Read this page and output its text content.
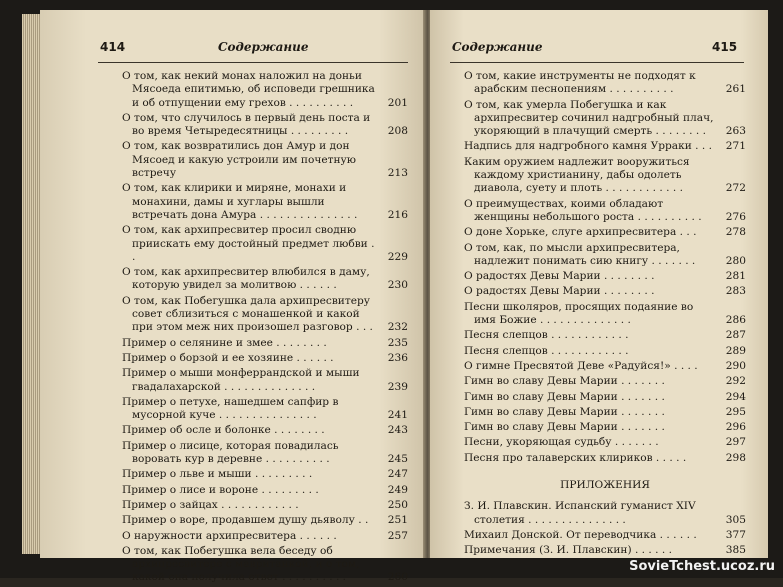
414	Содержание
О том, как некий монах наложил на доньи Мясоеда епитимью, об исповеди грешника и об отпущении ему грехов . . . . . . . . . .	201
О том, что случилось в первый день поста и во время Четыредесятницы . . . . . . . . .	208
О том, как возвратились дон Амур и дон Мясоед и какую устроили им почетную встречу	213
О том, как клирики и миряне, монахи и монахини, дамы и хуглары вышли встречать дона Амура . . . . . . . . . . . . . . .	216
О том, как архипресвитер просил сводню приискать ему достойный предмет любви . .	229
О том, как архипресвитер влюбился в даму, которую увидел за молитвою . . . . . .	230
О том, как Побегушка дала архипресвитеру совет сблизиться с монашенкой и какой при этом меж них произошел разговор . . .	232
Пример о селянине и змее . . . . . . . .	235
Пример о борзой и ее хозяине . . . . . .	236
Пример о мыши монферрандской и мыши гвадалахарской . . . . . . . . . . . . . .	239
Пример о петухе, нашедшем сапфир в мусорной куче . . . . . . . . . . . . . . .	241
Пример об осле и болонке . . . . . . . .	243
Пример о лисице, которая повадилась воровать кур в деревне . . . . . . . . . .	245
Пример о льве и мыши . . . . . . . . .	247
Пример о лисе и вороне . . . . . . . . .	249
Пример о зайцах . . . . . . . . . . . .	250
Пример о воре, продавшем душу дьяволу . .	251
О наружности архипресвитера . . . . . .	257
О том, как Побегушка вела беседу об архипресвитере с мавританкой, и о том, какой она получила ответ . . . . . . . . . .	260
Содержание	415
О том, какие инструменты не подходят к арабским песнопениям . . . . . . . . . .	261
О том, как умерла Побегушка и как архипресвитер сочинил надгробный плач, укоряющий в плачущий смерть . . . . . . . .	263
Надпись для надгробного камня Урраки . . .	271
Каким оружием надлежит вооружиться каждому христианину, дабы одолеть диавола, суету и плоть . . . . . . . . . . . .	272
О преимуществах, коими обладают женщины небольшого роста . . . . . . . . . .	276
О доне Хорьке, слуге архипресвитера . . .	278
О том, как, по мысли архипресвитера, надлежит понимать сию книгу . . . . . . .	280
О радостях Девы Марии . . . . . . . .	281
О радостях Девы Марии . . . . . . . .	283
Песни школяров, просящих подаяние во имя Божие . . . . . . . . . . . . . .	286
Песня слепцов . . . . . . . . . . . .	287
Песня слепцов . . . . . . . . . . . .	289
О гимне Пресвятой Деве «Радуйся!» . . . .	290
Гимн во славу Девы Марии . . . . . . .	292
Гимн во славу Девы Марии . . . . . . .	294
Гимн во славу Девы Марии . . . . . . .	295
Гимн во славу Девы Марии . . . . . . .	296
Песни, укоряющая судьбу . . . . . . .	297
Песня про талаверских клириков . . . . .	298
ПРИЛОЖЕНИЯ
З. И. Плавскин. Испанский гуманист XIV столетия . . . . . . . . . . . . . . .	305
Михаил Донской. От переводчика . . . . . .	377
Примечания (З. И. Плавскин) . . . . . .	385
SovieTchest.ucoz.ru
